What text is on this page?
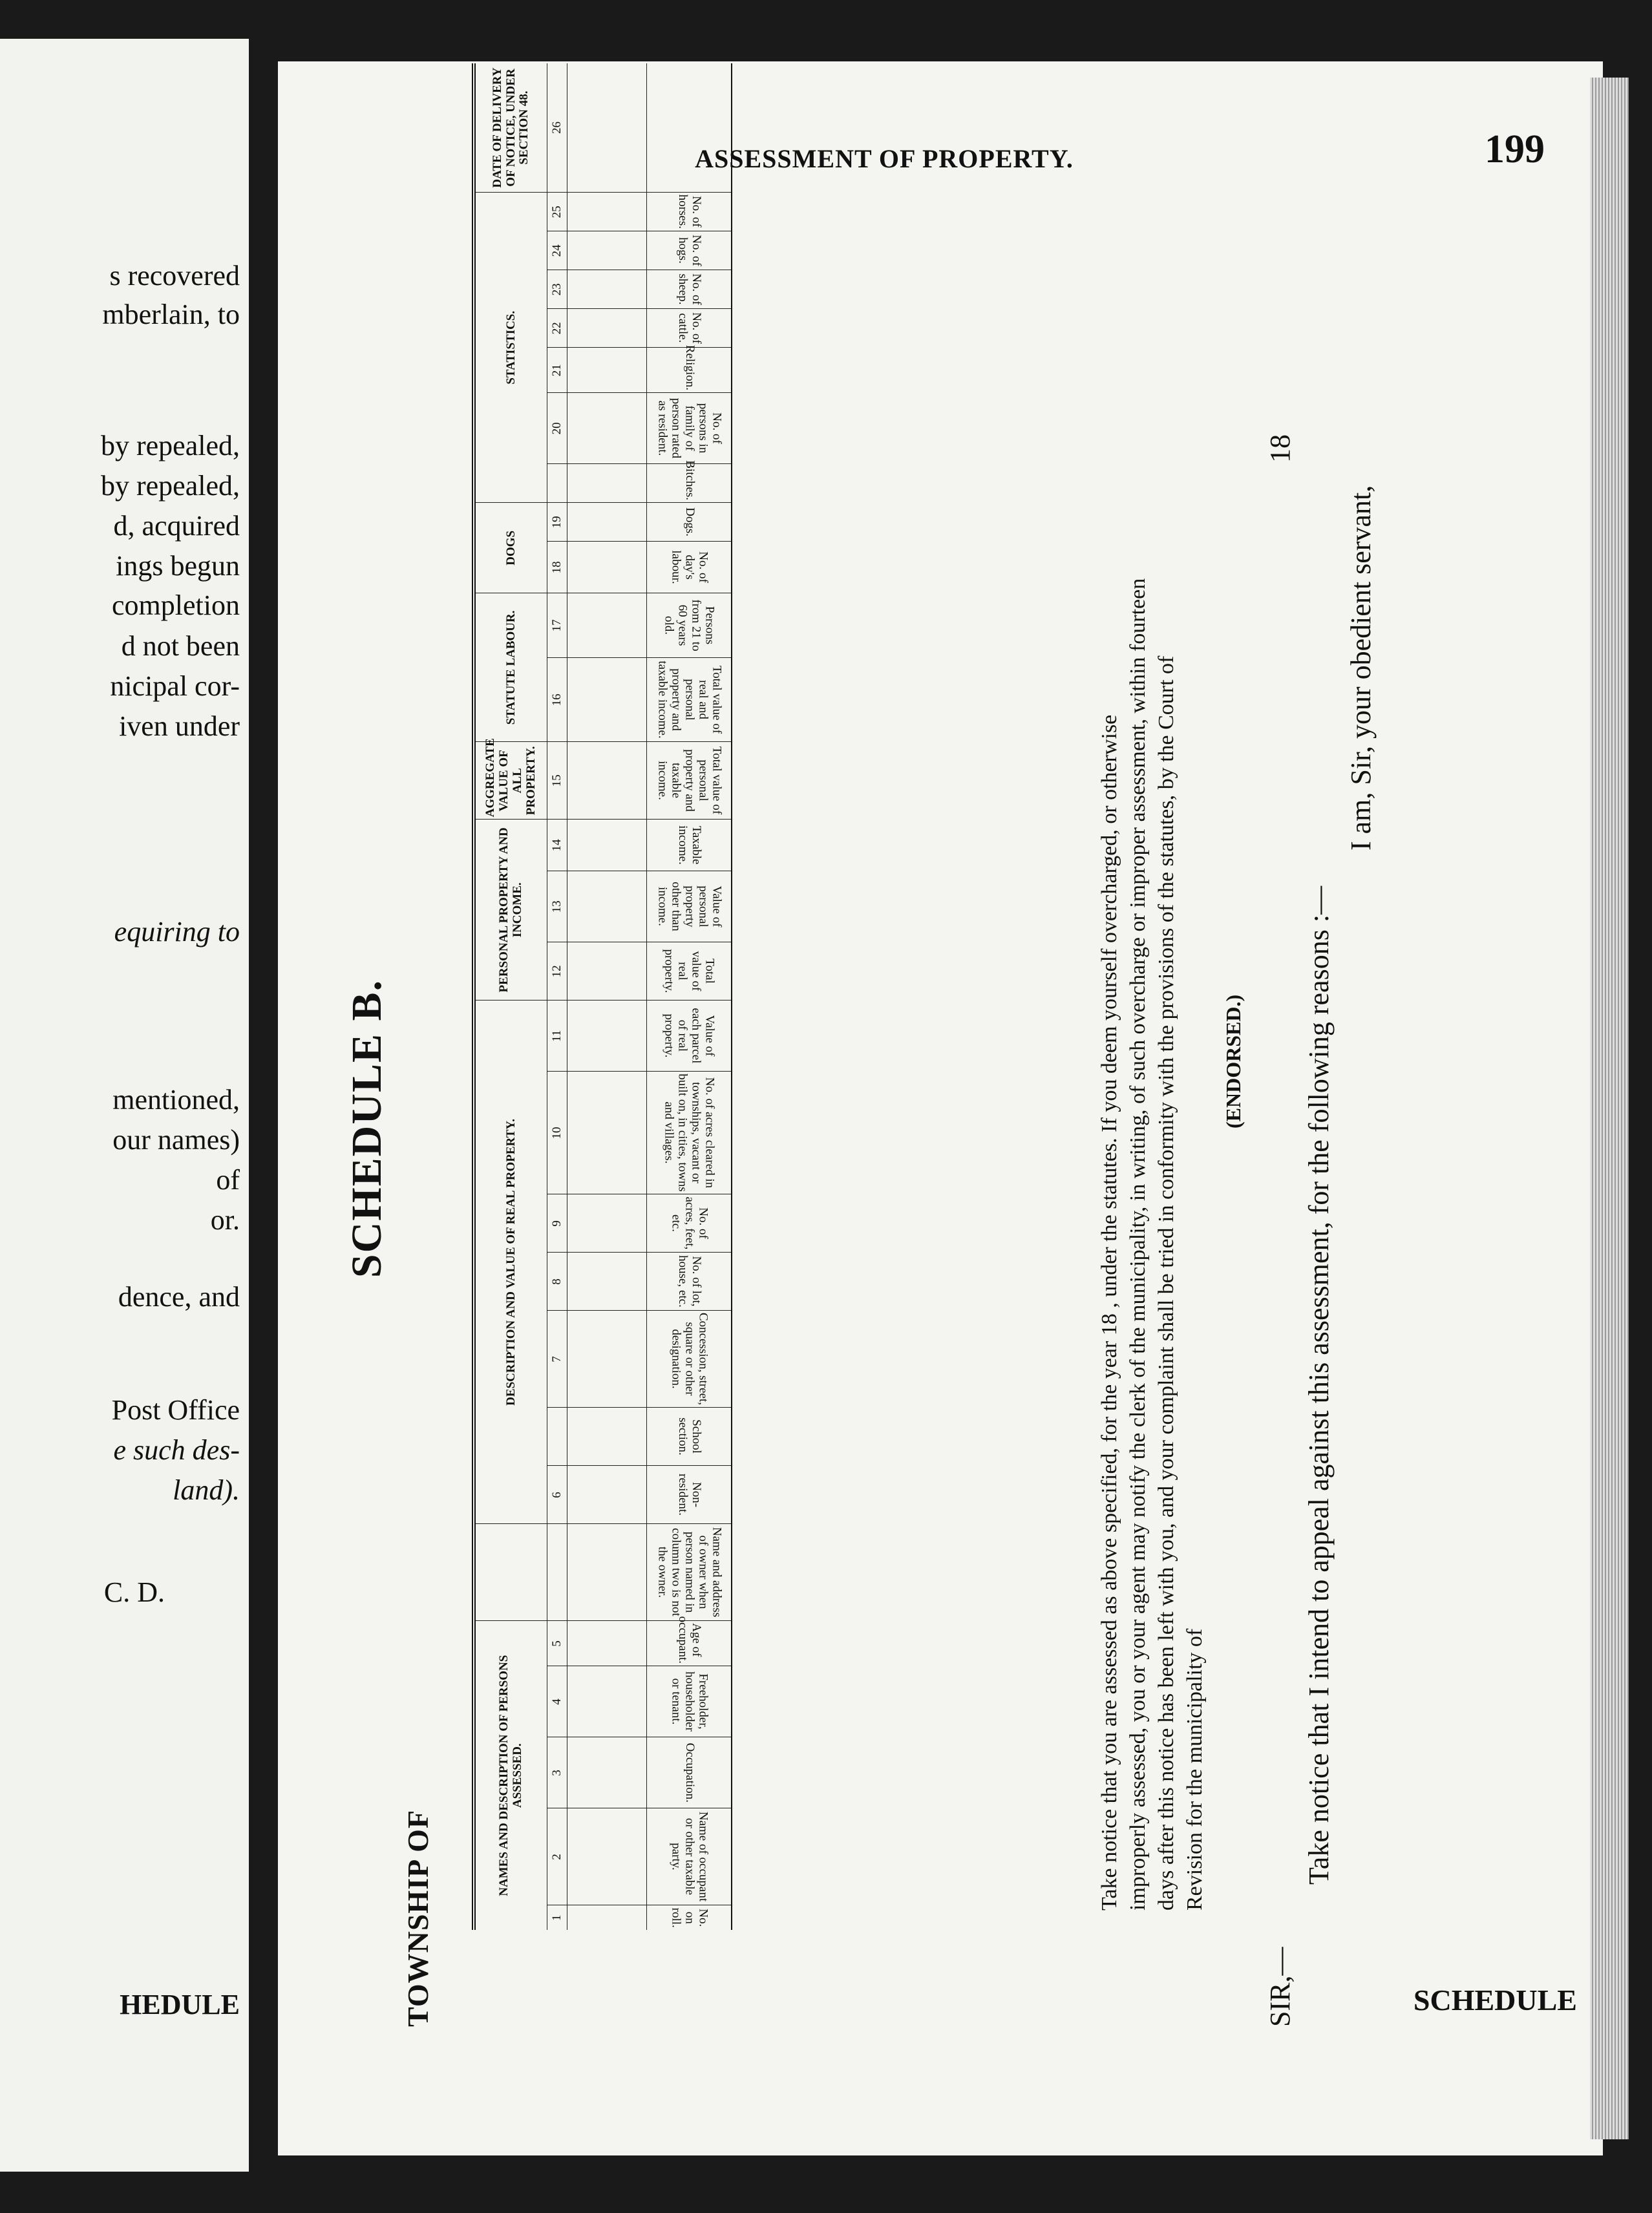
s recovered
mberlain, to
by repealed,
by repealed,
d, acquired
ings begun
completion
d not been
nicipal cor-
iven under
equiring to
mentioned,
our names)
of
or.
dence, and
Post Office
e such des-
land).
C. D.
HEDULE
ASSESSMENT OF PROPERTY.	199
SCHEDULE B.
TOWNSHIP OF
NAMES AND DESCRIPTION OF PERSONS ASSESSED.						DESCRIPTION AND VALUE OF REAL PROPERTY.							PERSONAL PROPERTY AND INCOME.			AGGREGATE VALUE OF ALL PROPERTY.	STATUTE LABOUR.		DOGS		STATISTICS.							DATE OF DELIVERY OF NOTICE, UNDER SECTION 48.
1	2	3	4	5		6		7	8	9	10	11	12	13	14	15	16	17	18	19		20	21	22	23	24	25	26

No. on roll.	Name of occupant or other taxable party.	Occupation.	Freeholder, householder or tenant.	Age of occupant.	Name and address of owner when person named in column two is not the owner.	Non-resident.	School section.	Concession, street, square or other designation.	No. of lot, house, etc.	No. of acres, feet, etc.	No. of acres cleared in townships, vacant or built on, in cities, towns and villages.	Value of each parcel of real property.	Total value of real property.	Value of personal property other than income.	Taxable income.	Total value of personal property and taxable income.	Total value of real and personal property and taxable income.	Persons from 21 to 60 years old.	No. of day's labour.	Dogs.	Bitches.	No. of persons in family of person rated as resident.	Religion.	No. of cattle.	No. of sheep.	No. of hogs.	No. of horses.	
Take notice that you are assessed as above specified, for the year 18 , under the statutes. If you deem yourself overcharged, or otherwise improperly assessed, you or your agent may notify the clerk of the municipality, in writing, of such overcharge or improper assessment, within fourteen days after this notice has been left with you, and your complaint shall be tried in conformity with the provisions of the statutes, by the Court of Revision for the municipality of
(ENDORSED.)
SIR,—
18
Take notice that I intend to appeal against this assessment, for the following reasons :—
I am, Sir, your obedient servant,
SCHEDULE
